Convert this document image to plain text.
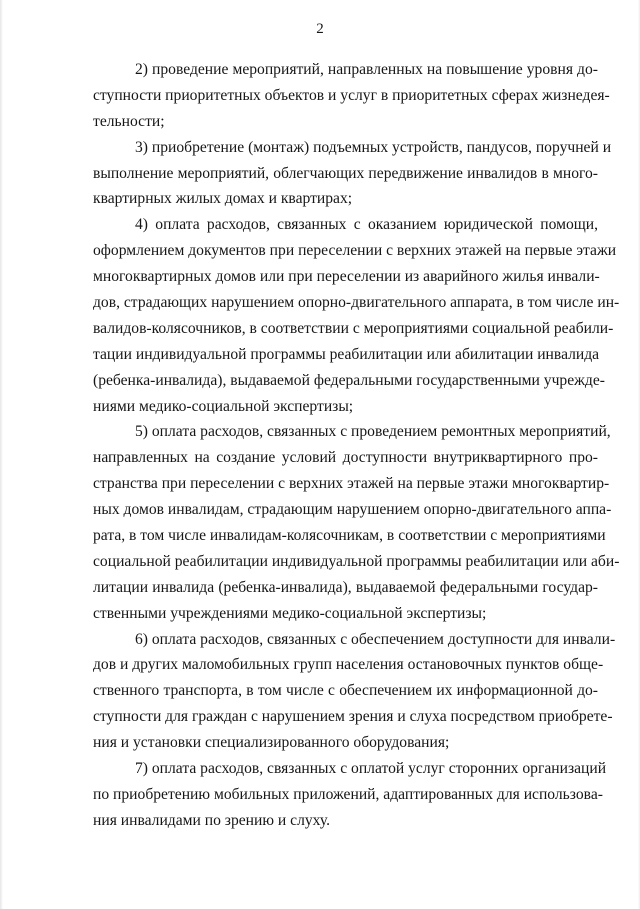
2

2) проведение мероприятий, направленных на повышение уровня до-
ступности приоритетных объектов и услуг в приоритетных сферах жизнедея-
тельности;

3) приобретение (монтаж) подъемных устройств, пандусов, поручней и
выполнение мероприятий, облегчающих передвижение инвалидов в много-
квартирных жилых домах и квартирах;

4) оплата расходов, связанных с оказанием юридической помощи,
оформлением документов при переселении с верхних этажей на первые этажи
многоквартирных домов или при переселении из аварийного жилья инвали-
дов, страдающих нарушением опорно-двигательного аппарата, в том числе ин-
валидов-колясочников, в соответствии с мероприятиями социальной реабили-
тации индивидуальной программы реабилитации или абилитации инвалида
(ребенка-инвалида), выдаваемой федеральными государственными учрежде-
ниями медико-социальной экспертизы;

5) оплата расходов, связанных с проведением ремонтных мероприятий,
направленных на создание условий доступности внутриквартирного про-
странства при переселении с верхних этажей на первые этажи многоквартир-
ных домов инвалидам, страдающим нарушением опорно-двигательного аппа-
рата, в том числе инвалидам-колясочникам, в соответствии с мероприятиями
социальной реабилитации индивидуальной программы реабилитации или аби-
литации инвалида (ребенка-инвалида), выдаваемой федеральными государ-
ственными учреждениями медико-социальной экспертизы;

6) оплата расходов, связанных с обеспечением доступности для инвали-
дов и других маломобильных групп населения остановочных пунктов обще-
ственного транспорта, в том числе с обеспечением их информационной до-
ступности для граждан с нарушением зрения и слуха посредством приобрете-
ния и установки специализированного оборудования;

7) оплата расходов, связанных с оплатой услуг сторонних организаций
по приобретению мобильных приложений, адаптированных для использова-
ния инвалидами по зрению и слуху.
